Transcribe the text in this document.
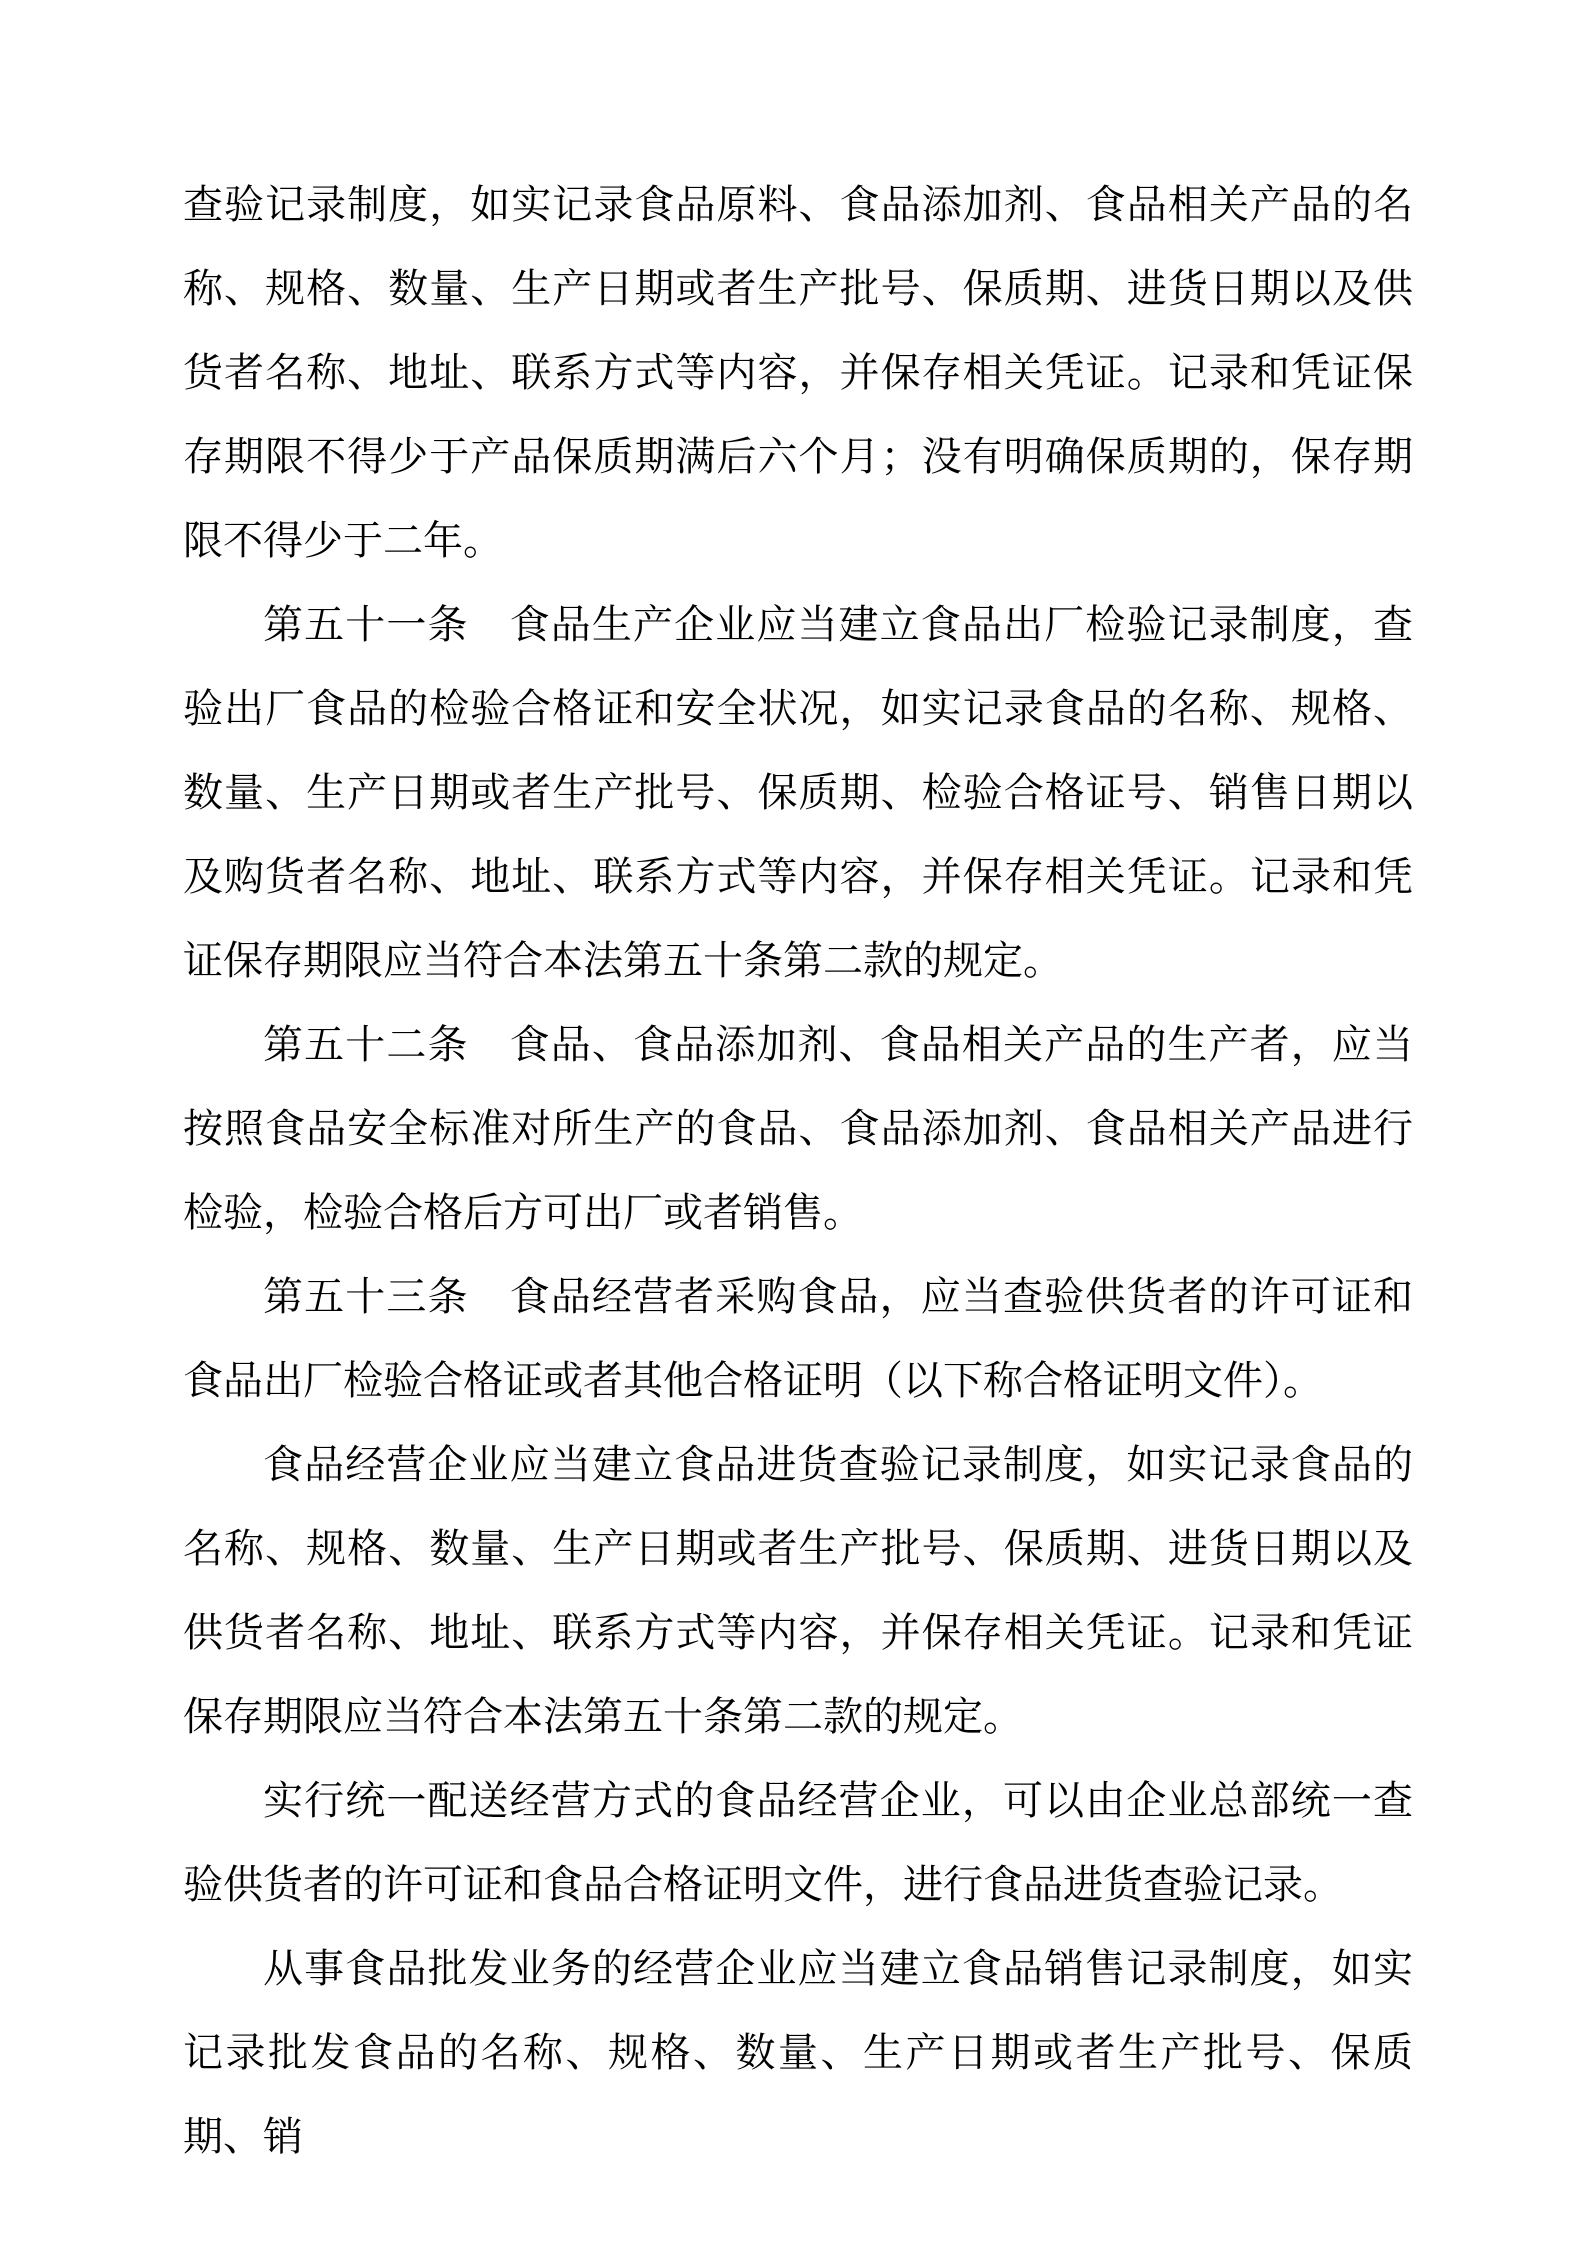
查验记录制度，如实记录食品原料、食品添加剂、食品相关产品的名称、规格、数量、生产日期或者生产批号、保质期、进货日期以及供货者名称、地址、联系方式等内容，并保存相关凭证。记录和凭证保存期限不得少于产品保质期满后六个月；没有明确保质期的，保存期限不得少于二年。

第五十一条　食品生产企业应当建立食品出厂检验记录制度，查验出厂食品的检验合格证和安全状况，如实记录食品的名称、规格、数量、生产日期或者生产批号、保质期、检验合格证号、销售日期以及购货者名称、地址、联系方式等内容，并保存相关凭证。记录和凭证保存期限应当符合本法第五十条第二款的规定。

第五十二条　食品、食品添加剂、食品相关产品的生产者，应当按照食品安全标准对所生产的食品、食品添加剂、食品相关产品进行检验，检验合格后方可出厂或者销售。

第五十三条　食品经营者采购食品，应当查验供货者的许可证和食品出厂检验合格证或者其他合格证明（以下称合格证明文件）。

食品经营企业应当建立食品进货查验记录制度，如实记录食品的名称、规格、数量、生产日期或者生产批号、保质期、进货日期以及供货者名称、地址、联系方式等内容，并保存相关凭证。记录和凭证保存期限应当符合本法第五十条第二款的规定。

实行统一配送经营方式的食品经营企业，可以由企业总部统一查验供货者的许可证和食品合格证明文件，进行食品进货查验记录。

从事食品批发业务的经营企业应当建立食品销售记录制度，如实记录批发食品的名称、规格、数量、生产日期或者生产批号、保质期、销
